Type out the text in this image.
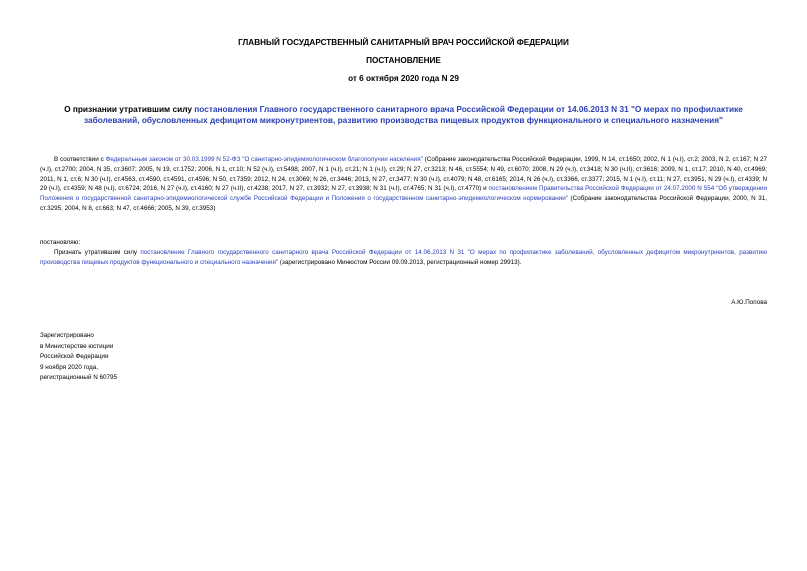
ГЛАВНЫЙ ГОСУДАРСТВЕННЫЙ САНИТАРНЫЙ ВРАЧ РОССИЙСКОЙ ФЕДЕРАЦИИ

ПОСТАНОВЛЕНИЕ

от 6 октября 2020 года N 29

О признании утратившим силу постановления Главного государственного санитарного врача Российской Федерации от 14.06.2013 N 31 "О мерах по профилактике заболеваний, обусловленных дефицитом микронутриентов, развитию производства пищевых продуктов функционального и специального назначения"

В соответствии с Федеральным законом от 30.03.1999 N 52-ФЗ "О санитарно-эпидемиологическом благополучии населения" (Собрание законодательства Российской Федерации, 1999, N 14, ст.1650; 2002, N 1 (ч.I), ст.2; 2003, N 2, ст.167; N 27 (ч.I), ст.2700; 2004, N 35, ст.3607; 2005, N 19, ст.1752; 2006, N 1, ст.10; N 52 (ч.I), ст.5498; 2007, N 1 (ч.I), ст.21; N 1 (ч.I), ст.29; N 27, ст.3213; N 46, ст.5554; N 49, ст.6070; 2008, N 29 (ч.I), ст.3418; N 30 (ч.II), ст.3616; 2009, N 1, ст.17; 2010, N 40, ст.4969; 2011, N 1, ст.6; N 30 (ч.I), ст.4563, ст.4590, ст.4591, ст.4596; N 50, ст.7359; 2012, N 24, ст.3069; N 26, ст.3446; 2013, N 27, ст.3477; N 30 (ч.I), ст.4079; N 48, ст.6165; 2014, N 26 (ч.I), ст.3366, ст.3377; 2015, N 1 (ч.I), ст.11; N 27, ст.3951, N 29 (ч.I), ст.4339; N 29 (ч.I), ст.4359; N 48 (ч.I), ст.6724; 2016, N 27 (ч.I), ст.4160; N 27 (ч.II), ст.4238; 2017, N 27, ст.3932; N 27, ст.3938; N 31 (ч.I), ст.4765; N 31 (ч.I), ст.4770) и постановлением Правительства Российской Федерации от 24.07.2000 N 554 "Об утверждении Положения о государственной санитарно-эпидемиологической службе Российской Федерации и Положения о государственном санитарно-эпидемиологическом нормировании" (Собрание законодательства Российской Федерации, 2000, N 31, ст.3295; 2004, N 8, ст.663; N 47, ст.4666; 2005, N 39, ст.3953)

постановляю:

Признать утратившим силу постановление Главного государственного санитарного врача Российской Федерации от 14.06.2013 N 31 "О мерах по профилактике заболеваний, обусловленных дефицитом микронутриентов, развитию производства пищевых продуктов функционального и специального назначения" (зарегистрировано Минюстом России 09.09.2013, регистрационный номер 29913).

А.Ю.Попова

Зарегистрировано
в Министерстве юстиции
Российской Федерации
9 ноября 2020 года,
регистрационный N 60795
